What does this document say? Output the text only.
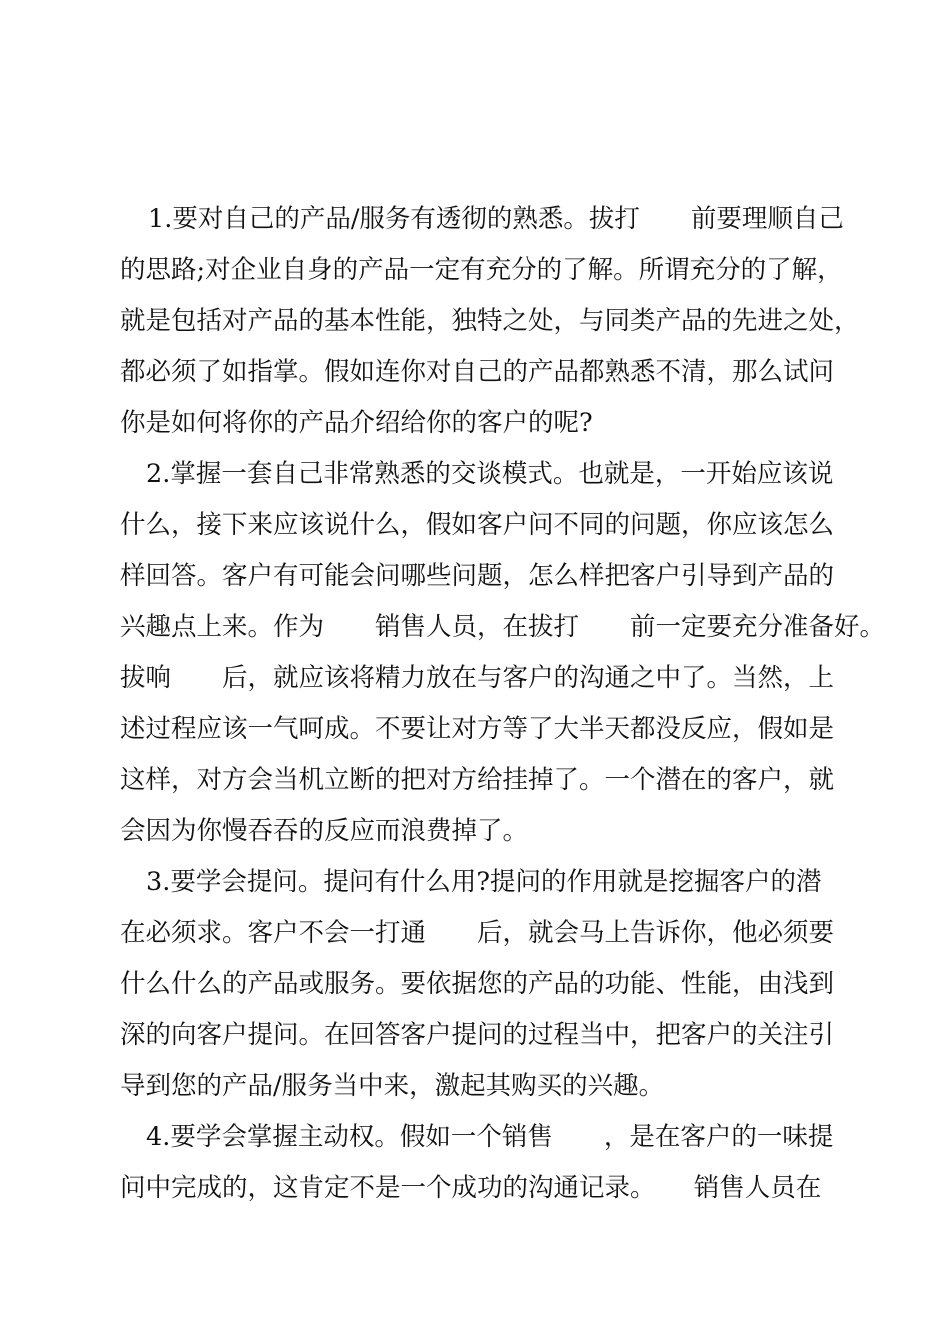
1.要对自己的产品/服务有透彻的熟悉。拔打　　前要理顺自己

的思路;对企业自身的产品一定有充分的了解。所谓充分的了解，

就是包括对产品的基本性能，独特之处，与同类产品的先进之处，

都必须了如指掌。假如连你对自己的产品都熟悉不清，那么试问

你是如何将你的产品介绍给你的客户的呢?

2.掌握一套自己非常熟悉的交谈模式。也就是，一开始应该说

什么，接下来应该说什么，假如客户问不同的问题，你应该怎么

样回答。客户有可能会问哪些问题，怎么样把客户引导到产品的

兴趣点上来。作为　　销售人员，在拔打　　前一定要充分准备好。

拔响　　后，就应该将精力放在与客户的沟通之中了。当然，上

述过程应该一气呵成。不要让对方等了大半天都没反应，假如是

这样，对方会当机立断的把对方给挂掉了。一个潜在的客户，就

会因为你慢吞吞的反应而浪费掉了。

3.要学会提问。提问有什么用?提问的作用就是挖掘客户的潜

在必须求。客户不会一打通　　后，就会马上告诉你，他必须要

什么什么的产品或服务。要依据您的产品的功能、性能，由浅到

深的向客户提问。在回答客户提问的过程当中，把客户的关注引

导到您的产品/服务当中来，激起其购买的兴趣。

4.要学会掌握主动权。假如一个销售　　，是在客户的一味提

问中完成的，这肯定不是一个成功的沟通记录。　　销售人员在
